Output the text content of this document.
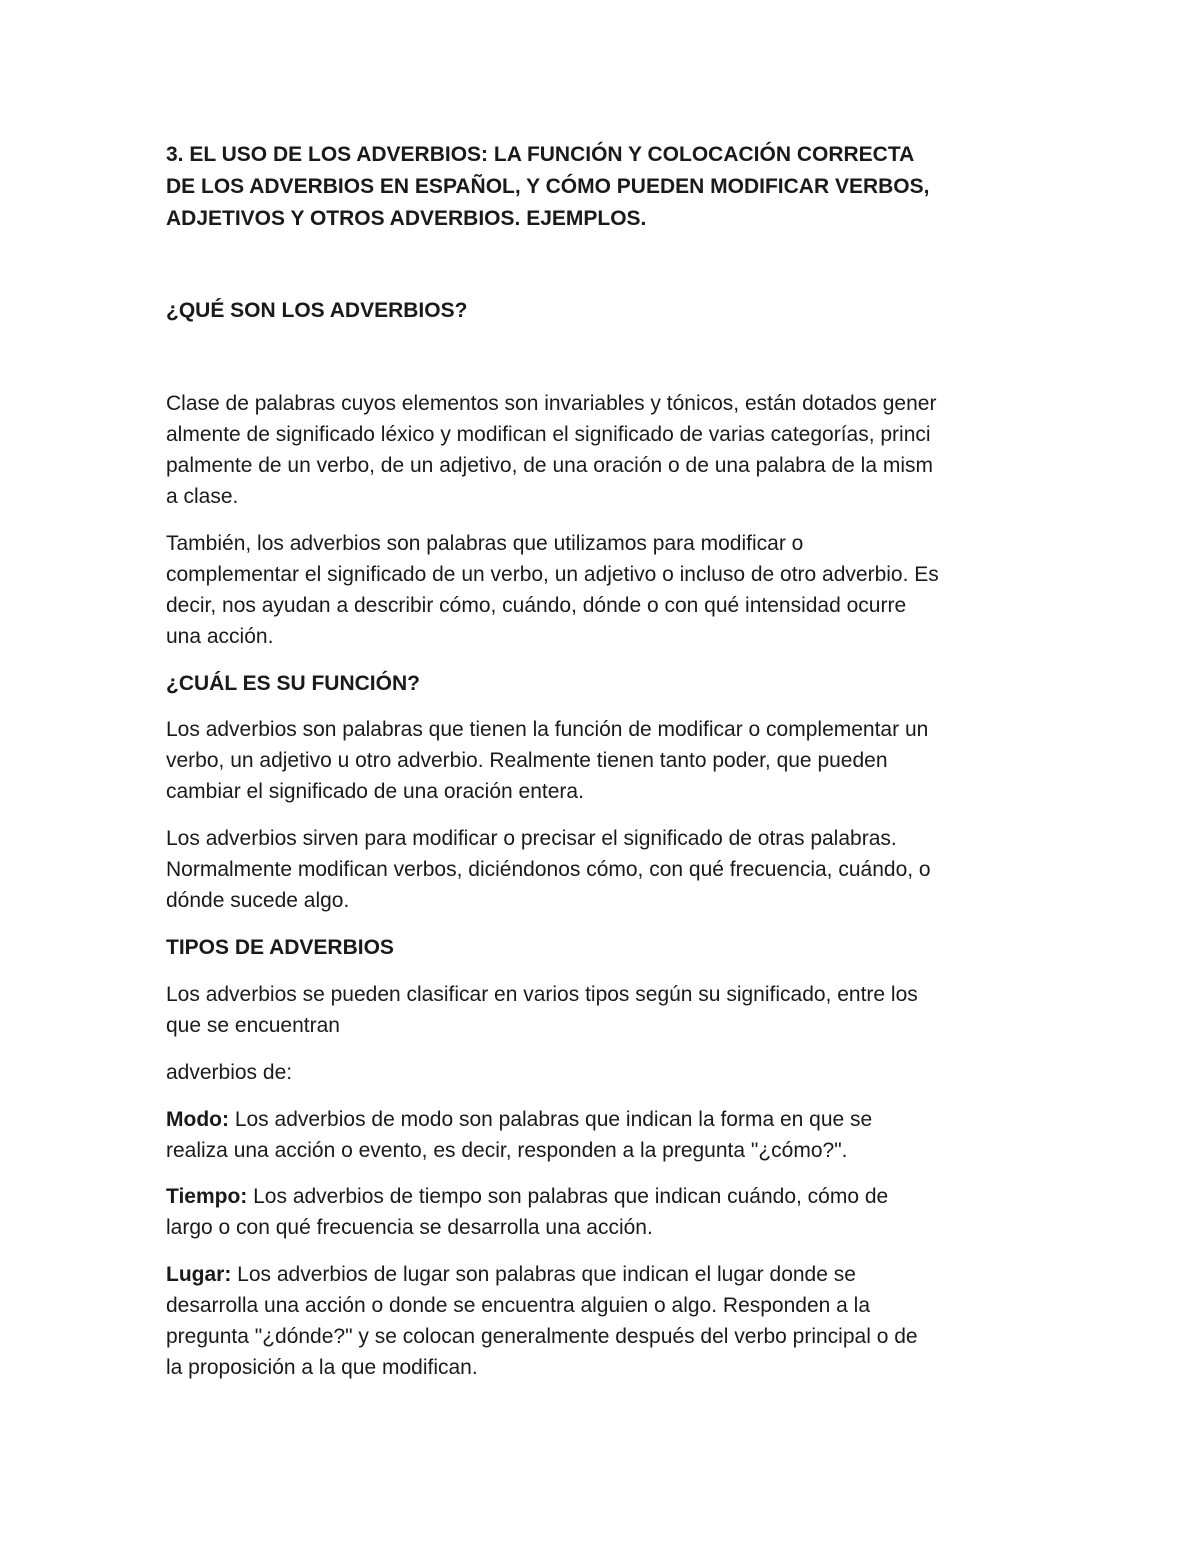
3. EL USO DE LOS ADVERBIOS: LA FUNCIÓN Y COLOCACIÓN CORRECTA

DE LOS ADVERBIOS EN ESPAÑOL, Y CÓMO PUEDEN MODIFICAR VERBOS,

ADJETIVOS Y OTROS ADVERBIOS. EJEMPLOS.

¿QUÉ SON LOS ADVERBIOS?

Clase de palabras cuyos elementos son invariables y tónicos, están dotados gener

almente de significado léxico y modifican el significado de varias categorías, princi

palmente de un verbo, de un adjetivo, de una oración o de una palabra de la mism

a clase.

También, los adverbios son palabras que utilizamos para modificar o

complementar el significado de un verbo, un adjetivo o incluso de otro adverbio. Es

decir, nos ayudan a describir cómo, cuándo, dónde o con qué intensidad ocurre

una acción.

¿CUÁL ES SU FUNCIÓN?

Los adverbios son palabras que tienen la función de modificar o complementar un

verbo, un adjetivo u otro adverbio. Realmente tienen tanto poder, que pueden

cambiar el significado de una oración entera.

Los adverbios sirven para modificar o precisar el significado de otras palabras.

Normalmente modifican verbos, diciéndonos cómo, con qué frecuencia, cuándo, o

dónde sucede algo.

TIPOS DE ADVERBIOS

Los adverbios se pueden clasificar en varios tipos según su significado, entre los

que se encuentran

adverbios de:

Modo: Los adverbios de modo son palabras que indican la forma en que se

realiza una acción o evento, es decir, responden a la pregunta "¿cómo?".

Tiempo: Los adverbios de tiempo son palabras que indican cuándo, cómo de

largo o con qué frecuencia se desarrolla una acción.

Lugar: Los adverbios de lugar son palabras que indican el lugar donde se

desarrolla una acción o donde se encuentra alguien o algo. Responden a la

pregunta "¿dónde?" y se colocan generalmente después del verbo principal o de

la proposición a la que modifican.
